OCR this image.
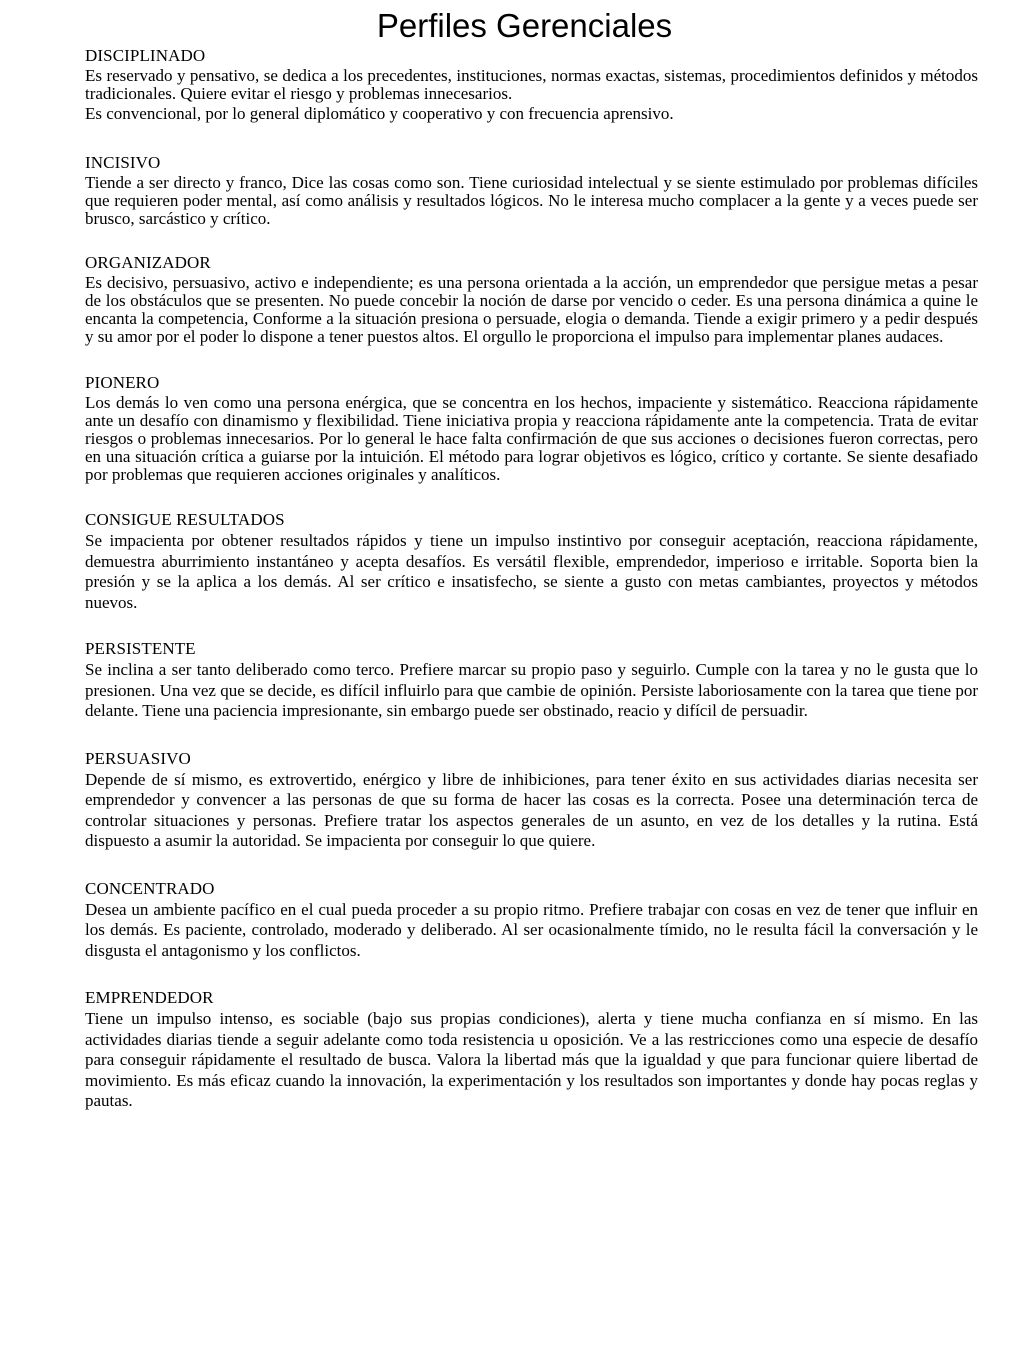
Perfiles Gerenciales
DISCIPLINADO

Es reservado y pensativo, se dedica a los precedentes, instituciones, normas exactas, sistemas, procedimientos definidos y métodos tradicionales. Quiere evitar el riesgo y problemas innecesarios.

Es convencional, por lo general diplomático y cooperativo y con frecuencia aprensivo.

INCISIVO

Tiende a ser directo y franco, Dice las cosas como son. Tiene curiosidad intelectual y se siente estimulado por problemas difíciles que requieren poder mental, así como análisis y resultados lógicos. No le interesa mucho complacer a la gente y a veces puede ser brusco, sarcástico y crítico.

ORGANIZADOR

Es decisivo, persuasivo, activo e independiente; es una persona orientada a la acción, un emprendedor que persigue metas a pesar de los obstáculos que se presenten. No puede concebir la noción de darse por vencido o ceder. Es una persona dinámica a quine le encanta la competencia, Conforme a la situación presiona o persuade, elogia o demanda. Tiende a exigir primero y a pedir después y su amor por el poder lo dispone a tener puestos altos. El orgullo le proporciona el impulso para implementar planes audaces.

PIONERO

Los demás lo ven como una persona enérgica, que se concentra en los hechos, impaciente y sistemático. Reacciona rápidamente ante un desafío con dinamismo y flexibilidad. Tiene iniciativa propia y reacciona rápidamente ante la competencia. Trata de evitar riesgos o problemas innecesarios. Por lo general le hace falta confirmación de que sus acciones o decisiones fueron correctas, pero en una situación crítica a guiarse por la intuición. El método para lograr objetivos es lógico, crítico y cortante. Se siente desafiado por problemas que requieren acciones originales y analíticos.

CONSIGUE RESULTADOS

Se impacienta por obtener resultados rápidos y tiene un impulso instintivo por conseguir aceptación, reacciona rápidamente, demuestra aburrimiento instantáneo y acepta desafíos. Es versátil flexible, emprendedor, imperioso e irritable. Soporta bien la presión y se la aplica a los demás. Al ser crítico e insatisfecho, se siente a gusto con metas cambiantes, proyectos y métodos nuevos.

PERSISTENTE

Se inclina a ser tanto deliberado como terco. Prefiere marcar su propio paso y seguirlo. Cumple con la tarea y no le gusta que lo presionen. Una vez que se decide, es difícil influirlo para que cambie de opinión. Persiste laboriosamente con la tarea que tiene por delante. Tiene una paciencia impresionante, sin embargo puede ser obstinado, reacio y difícil de persuadir.

PERSUASIVO

Depende de sí mismo, es extrovertido, enérgico y libre de inhibiciones, para tener éxito en sus actividades diarias necesita ser emprendedor y convencer a las personas de que su forma de hacer las cosas es la correcta. Posee una determinación terca de controlar situaciones y personas. Prefiere tratar los aspectos generales de un asunto, en vez de los detalles y la rutina. Está dispuesto a asumir la autoridad. Se impacienta por conseguir lo que quiere.

CONCENTRADO

Desea un ambiente pacífico en el cual pueda proceder a su propio ritmo. Prefiere trabajar con cosas en vez de tener que influir en los demás. Es paciente, controlado, moderado y deliberado. Al ser ocasionalmente tímido, no le resulta fácil la conversación y le disgusta el antagonismo y los conflictos.

EMPRENDEDOR

Tiene un impulso intenso, es sociable (bajo sus propias condiciones), alerta y tiene mucha confianza en sí mismo. En las actividades diarias tiende a seguir adelante como toda resistencia u oposición. Ve a las restricciones como una especie de desafío para conseguir rápidamente el resultado de busca. Valora la libertad más que la igualdad y que para funcionar quiere libertad de movimiento. Es más eficaz cuando la innovación, la experimentación y los resultados son importantes y donde hay pocas reglas y pautas.
